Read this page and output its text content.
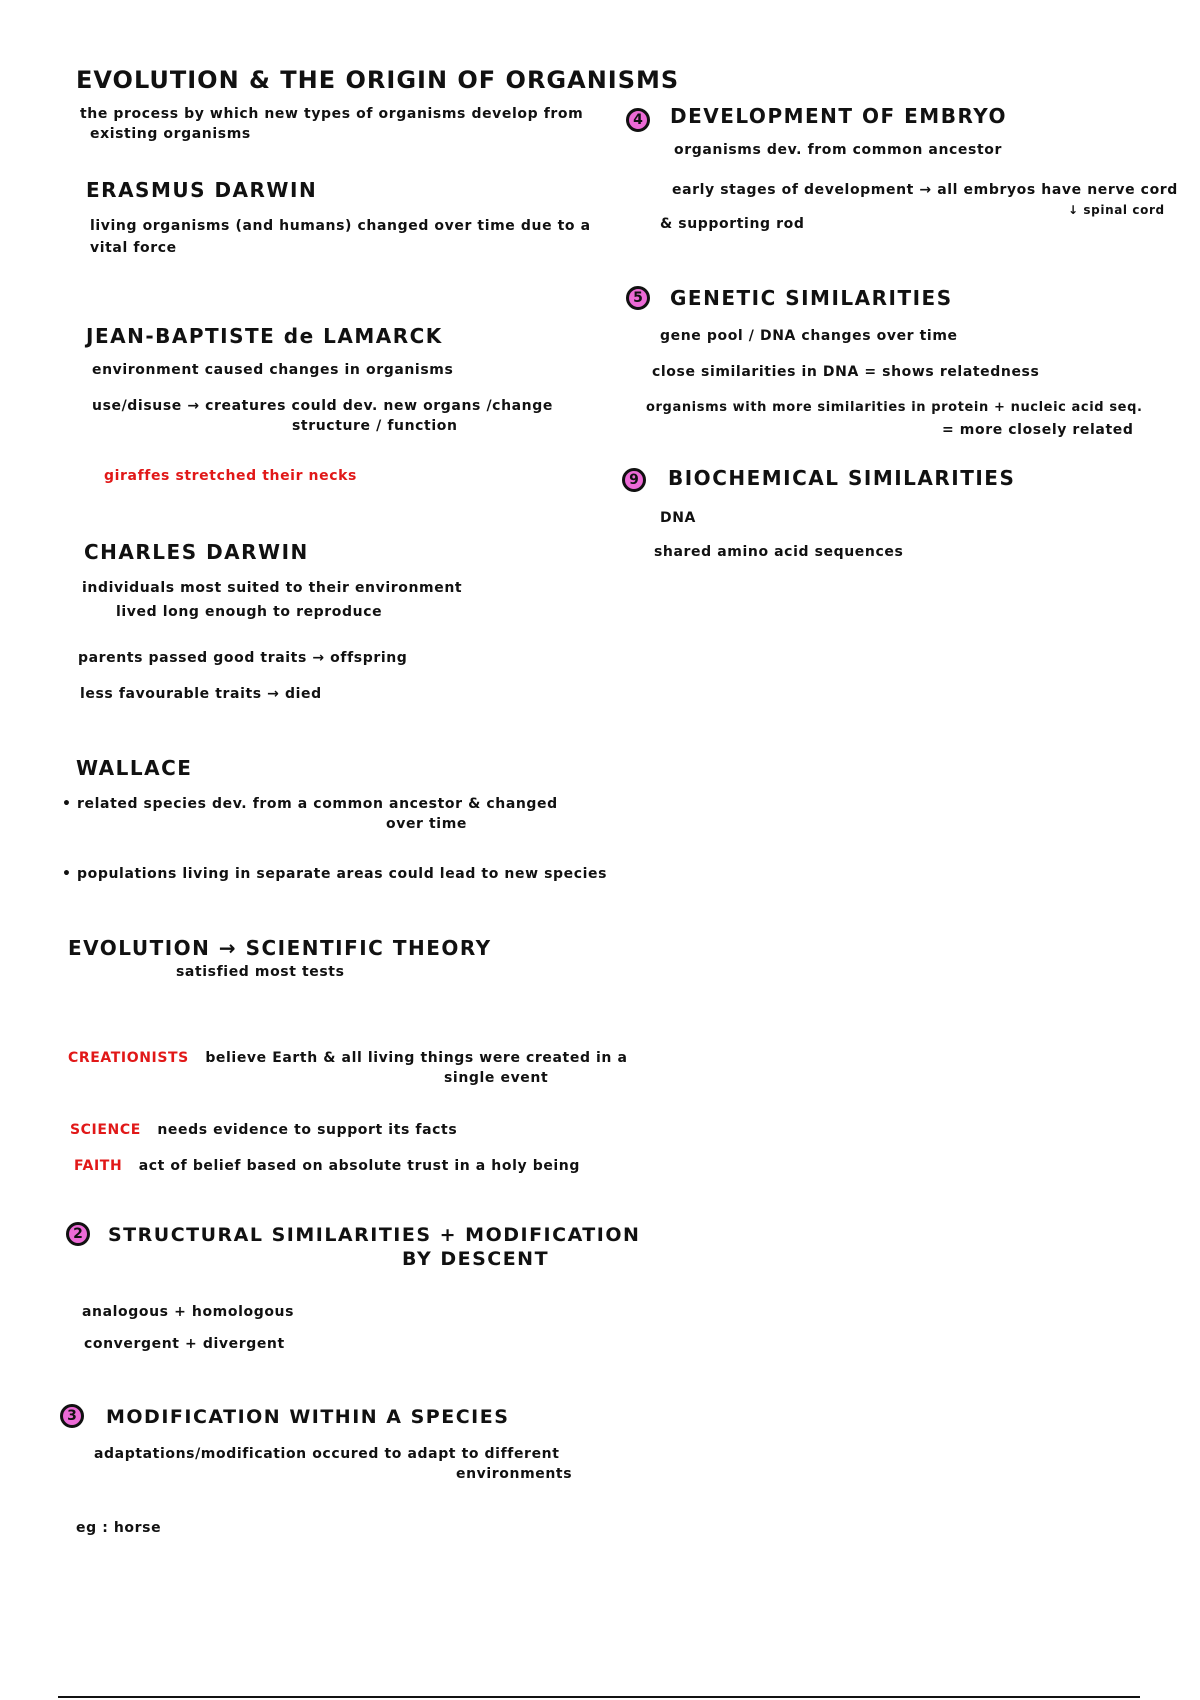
EVOLUTION & THE ORIGIN OF ORGANISMS
the process by which new types of organisms develop from
existing organisms
ERASMUS DARWIN
living organisms (and humans) changed over time due to a
vital force
JEAN-BAPTISTE de LAMARCK
environment caused changes in organisms
use/disuse → creatures could dev. new organs /change
structure / function
giraffes stretched their necks
CHARLES DARWIN
individuals most suited to their environment
lived long enough to reproduce
parents passed good traits → offspring
less favourable traits → died
WALLACE
• related species dev. from a common ancestor & changed
over time
• populations living in separate areas could lead to new species
EVOLUTION → SCIENTIFIC THEORY
satisfied most tests
CREATIONISTS believe Earth & all living things were created in a
single event
SCIENCE needs evidence to support its facts
FAITH act of belief based on absolute trust in a holy being
2	STRUCTURAL SIMILARITIES + MODIFICATION
BY DESCENT
analogous + homologous
convergent + divergent
3	MODIFICATION WITHIN A SPECIES
adaptations/modification occured to adapt to different
environments
eg : horse
4	DEVELOPMENT OF EMBRYO
organisms dev. from common ancestor
early stages of development → all embryos have nerve cord
↓ spinal cord
& supporting rod
5	GENETIC SIMILARITIES
gene pool / DNA changes over time
close similarities in DNA = shows relatedness
organisms with more similarities in protein + nucleic acid seq.
= more closely related
9	BIOCHEMICAL SIMILARITIES
DNA
shared amino acid sequences
